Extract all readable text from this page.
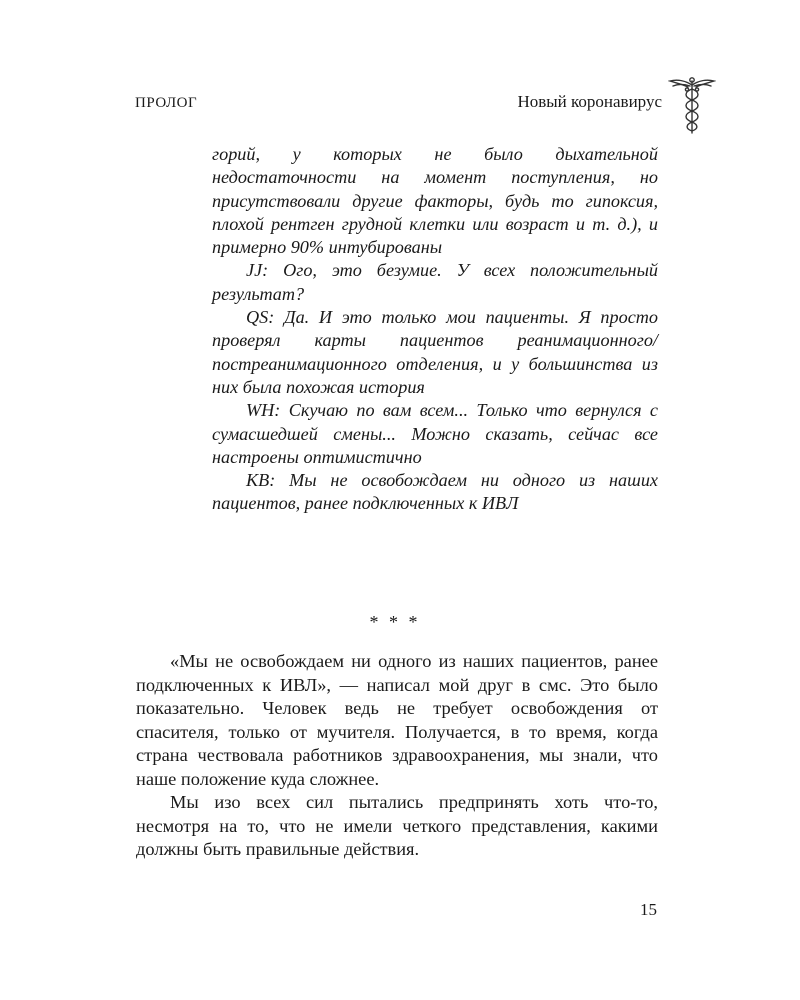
ПРОЛОГ	Новый коронавирус

горий, у которых не было дыхательной недостаточности на момент поступления, но присутствовали другие факторы, будь то гипоксия, плохой рентген грудной клетки или возраст и т. д.), и примерно 90% интубированы

JJ: Ого, это безумие. У всех положительный результат?

QS: Да. И это только мои пациенты. Я просто проверял карты пациентов реанимационного/постреанимационного отделения, и у большинства из них была похожая история

WH: Скучаю по вам всем... Только что вернулся с сумасшедшей смены... Можно сказать, сейчас все настроены оптимистично

KB: Мы не освобождаем ни одного из наших пациентов, ранее подключенных к ИВЛ

* * *

«Мы не освобождаем ни одного из наших пациентов, ранее подключенных к ИВЛ», — написал мой друг в смс. Это было показательно. Человек ведь не требует освобождения от спасителя, только от мучителя. Получается, в то время, когда страна чествовала работников здравоохранения, мы знали, что наше положение куда сложнее.

Мы изо всех сил пытались предпринять хоть что-то, несмотря на то, что не имели четкого представления, какими должны быть правильные действия.

15
